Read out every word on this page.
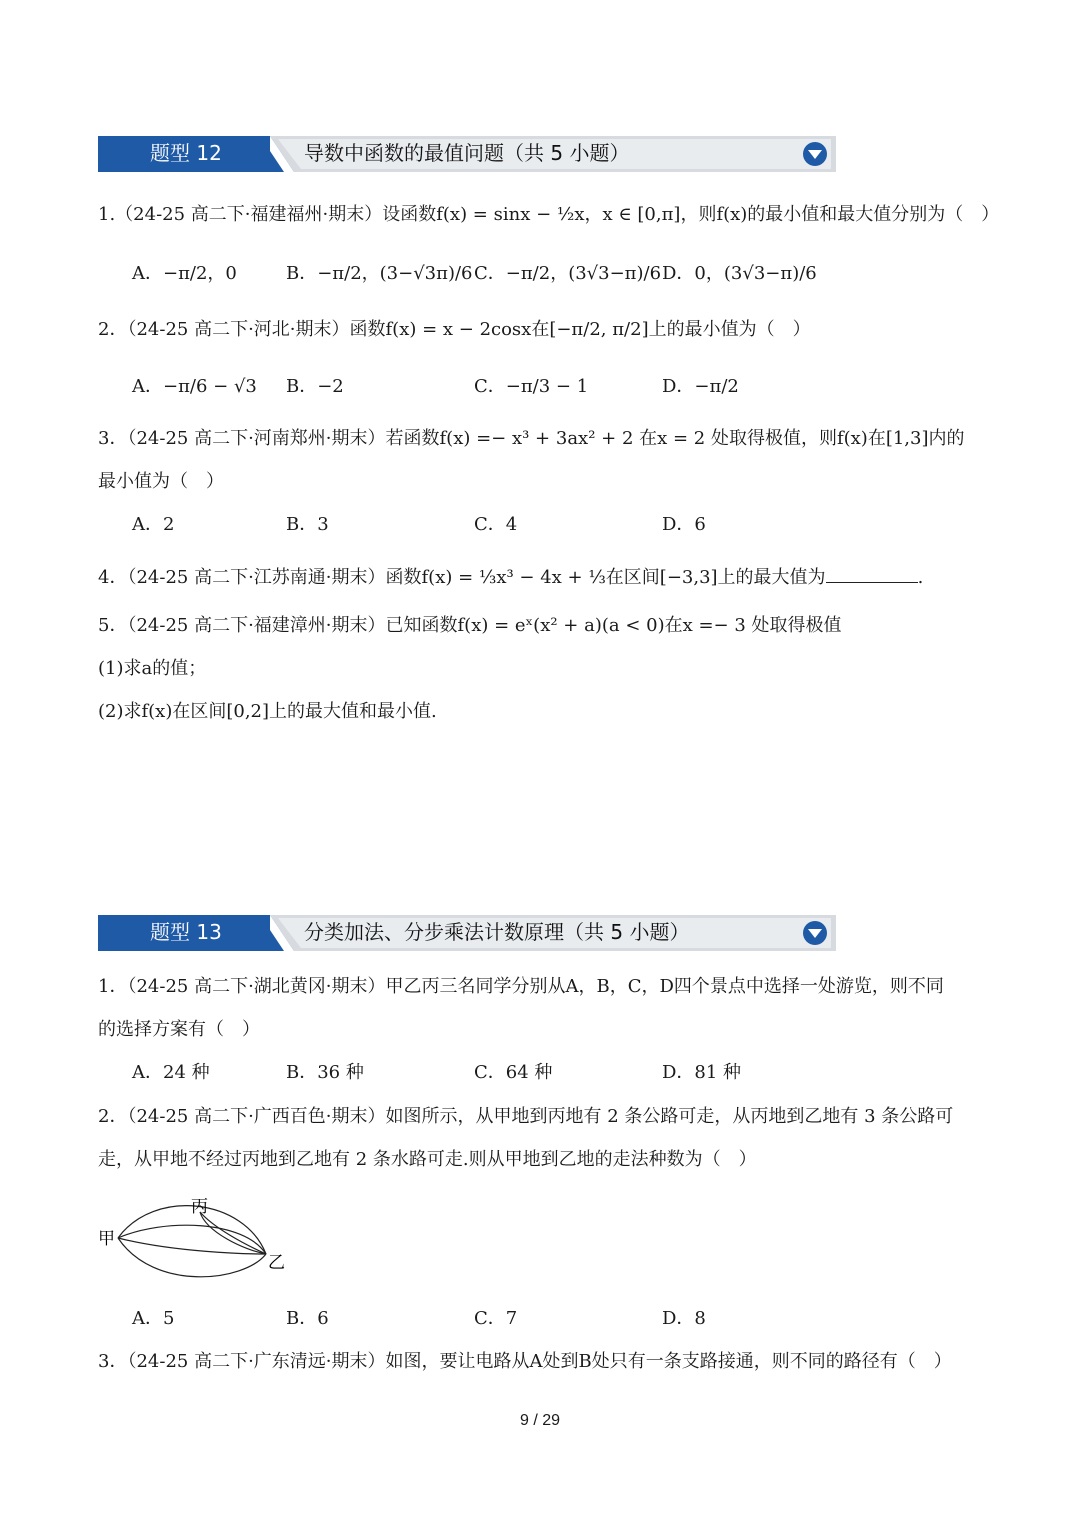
题型 12	导数中函数的最值问题（共 5 小题）
1.（24-25 高二下·福建福州·期末）设函数f(x) = sinx − ½x，x ∈ [0,π]，则f(x)的最小值和最大值分别为（　）
A．−π/2，0	B．−π/2，(3−√3π)/6 C．−π/2，(3√3−π)/6 D．0，(3√3−π)/6
2．（24-25 高二下·河北·期末）函数f(x) = x − 2cosx在[−π/2, π/2]上的最小值为（　）
A．−π/6 − √3 B．−2	C．−π/3 − 1	D．−π/2
3．（24-25 高二下·河南郑州·期末）若函数f(x) =− x³ + 3ax² + 2 在x = 2 处取得极值，则f(x)在[1,3]内的
最小值为（　）
A．2	B．3	C．4	D．6
4．（24-25 高二下·江苏南通·期末）函数f(x) = ⅓x³ − 4x + ⅓在区间[−3,3]上的最大值为	.
5．（24-25 高二下·福建漳州·期末）已知函数f(x) = eˣ(x² + a)(a < 0)在x =− 3 处取得极值
(1)求a的值；
(2)求f(x)在区间[0,2]上的最大值和最小值.
题型 13	分类加法、分步乘法计数原理（共 5 小题）
1．（24-25 高二下·湖北黄冈·期末）甲乙丙三名同学分别从A，B，C，D四个景点中选择一处游览，则不同
的选择方案有（　）
A．24 种	B．36 种	C．64 种	D．81 种
2．（24-25 高二下·广西百色·期末）如图所示，从甲地到丙地有 2 条公路可走，从丙地到乙地有 3 条公路可
走，从甲地不经过丙地到乙地有 2 条水路可走.则从甲地到乙地的走法种数为（　）
甲
丙
乙
A．5	B．6	C．7	D．8
3．（24-25 高二下·广东清远·期末）如图，要让电路从A处到B处只有一条支路接通，则不同的路径有（　）
9 / 29
